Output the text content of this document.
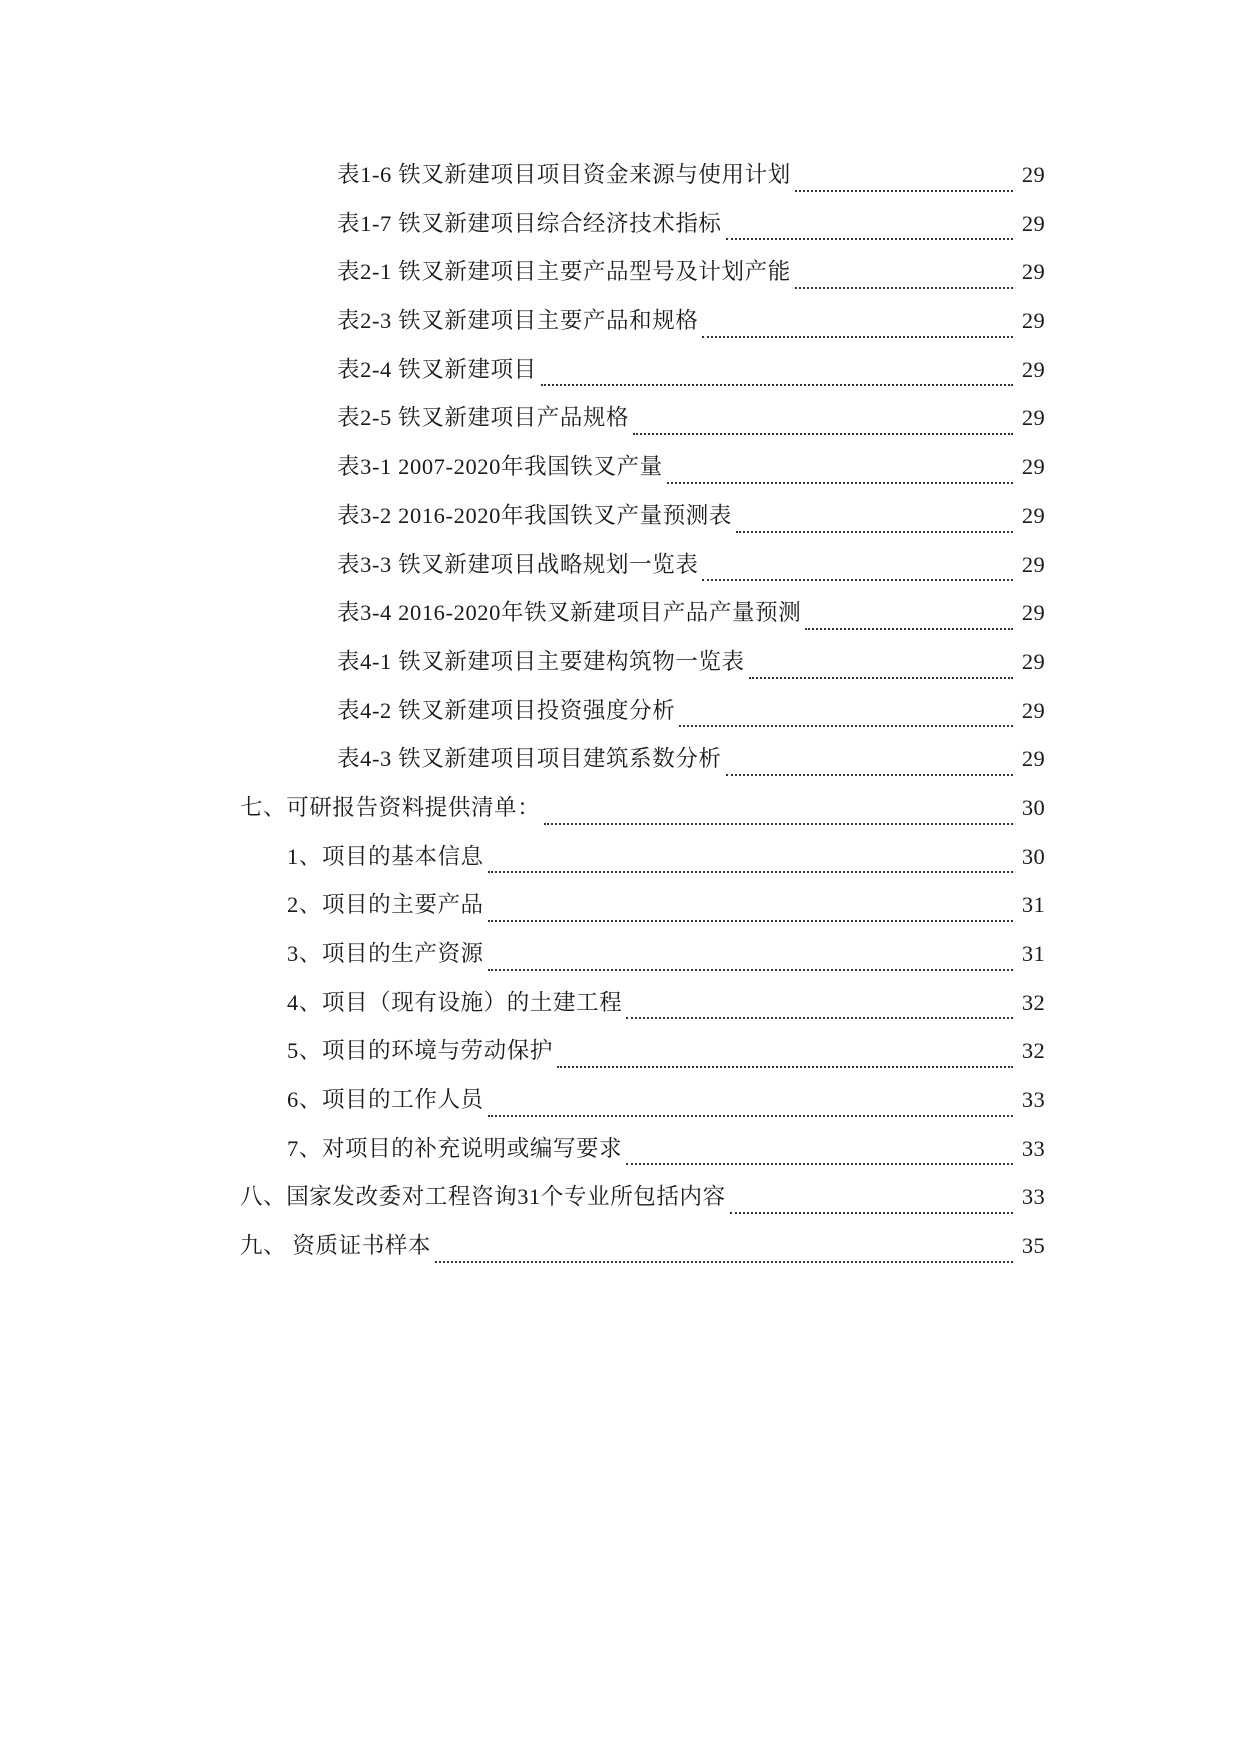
表1-6 铁叉新建项目项目资金来源与使用计划	29
表1-7 铁叉新建项目综合经济技术指标	29
表2-1 铁叉新建项目主要产品型号及计划产能	29
表2-3 铁叉新建项目主要产品和规格	29
表2-4 铁叉新建项目	29
表2-5 铁叉新建项目产品规格	29
表3-1 2007-2020年我国铁叉产量	29
表3-2 2016-2020年我国铁叉产量预测表	29
表3-3 铁叉新建项目战略规划一览表	29
表3-4 2016-2020年铁叉新建项目产品产量预测	29
表4-1 铁叉新建项目主要建构筑物一览表	29
表4-2 铁叉新建项目投资强度分析	29
表4-3 铁叉新建项目项目建筑系数分析	29
七、可研报告资料提供清单：	30
1、项目的基本信息	30
2、项目的主要产品	31
3、项目的生产资源	31
4、项目（现有设施）的土建工程	32
5、项目的环境与劳动保护	32
6、项目的工作人员	33
7、对项目的补充说明或编写要求	33
八、国家发改委对工程咨询31个专业所包括内容	33
九、 资质证书样本	35
